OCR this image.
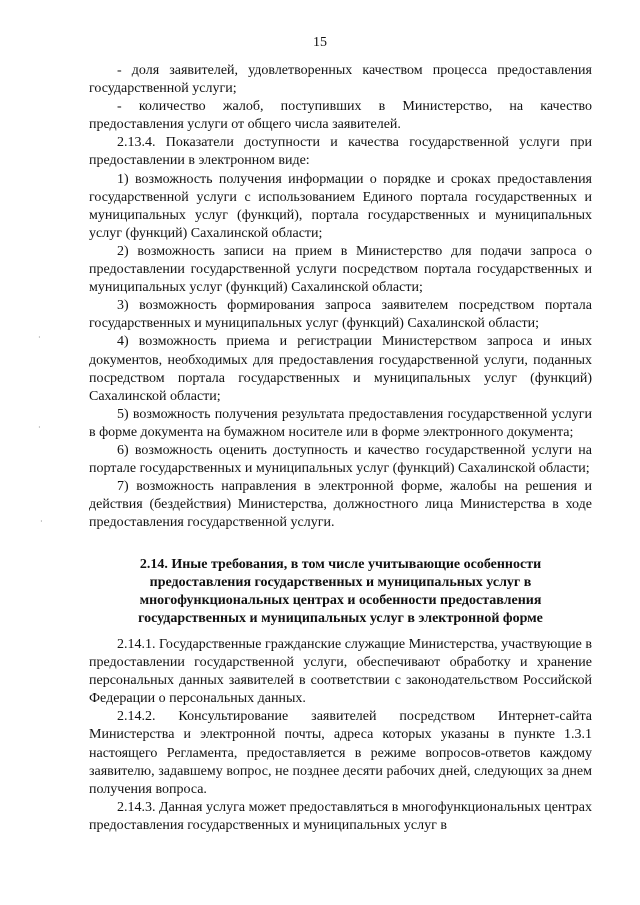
15

- доля заявителей, удовлетворенных качеством процесса предоставления государственной услуги;

- количество жалоб, поступивших в Министерство, на качество предоставления услуги от общего числа заявителей.

2.13.4. Показатели доступности и качества государственной услуги при предоставлении в электронном виде:

1) возможность получения информации о порядке и сроках предоставления государственной услуги с использованием Единого портала государственных и муниципальных услуг (функций), портала государственных и муниципальных услуг (функций) Сахалинской области;

2) возможность записи на прием в Министерство для подачи запроса о предоставлении государственной услуги посредством портала государственных и муниципальных услуг (функций) Сахалинской области;

3) возможность формирования запроса заявителем посредством портала государственных и муниципальных услуг (функций) Сахалинской области;

4) возможность приема и регистрации Министерством запроса и иных документов, необходимых для предоставления государственной услуги, поданных посредством портала государственных и муниципальных услуг (функций) Сахалинской области;

5) возможность получения результата предоставления государственной услуги в форме документа на бумажном носителе или в форме электронного документа;

6) возможность оценить доступность и качество государственной услуги на портале государственных и муниципальных услуг (функций) Сахалинской области;

7) возможность направления в электронной форме, жалобы на решения и действия (бездействия) Министерства, должностного лица Министерства в ходе предоставления государственной услуги.

2.14. Иные требования, в том числе учитывающие особенности предоставления государственных и муниципальных услуг в многофункциональных центрах и особенности предоставления государственных и муниципальных услуг в электронной форме

2.14.1. Государственные гражданские служащие Министерства, участвующие в предоставлении государственной услуги, обеспечивают обработку и хранение персональных данных заявителей в соответствии с законодательством Российской Федерации о персональных данных.

2.14.2. Консультирование заявителей посредством Интернет-сайта Министерства и электронной почты, адреса которых указаны в пункте 1.3.1 настоящего Регламента, предоставляется в режиме вопросов-ответов каждому заявителю, задавшему вопрос, не позднее десяти рабочих дней, следующих за днем получения вопроса.

2.14.3. Данная услуга может предоставляться в многофункциональных центрах предоставления государственных и муниципальных услуг в

·
·
·
